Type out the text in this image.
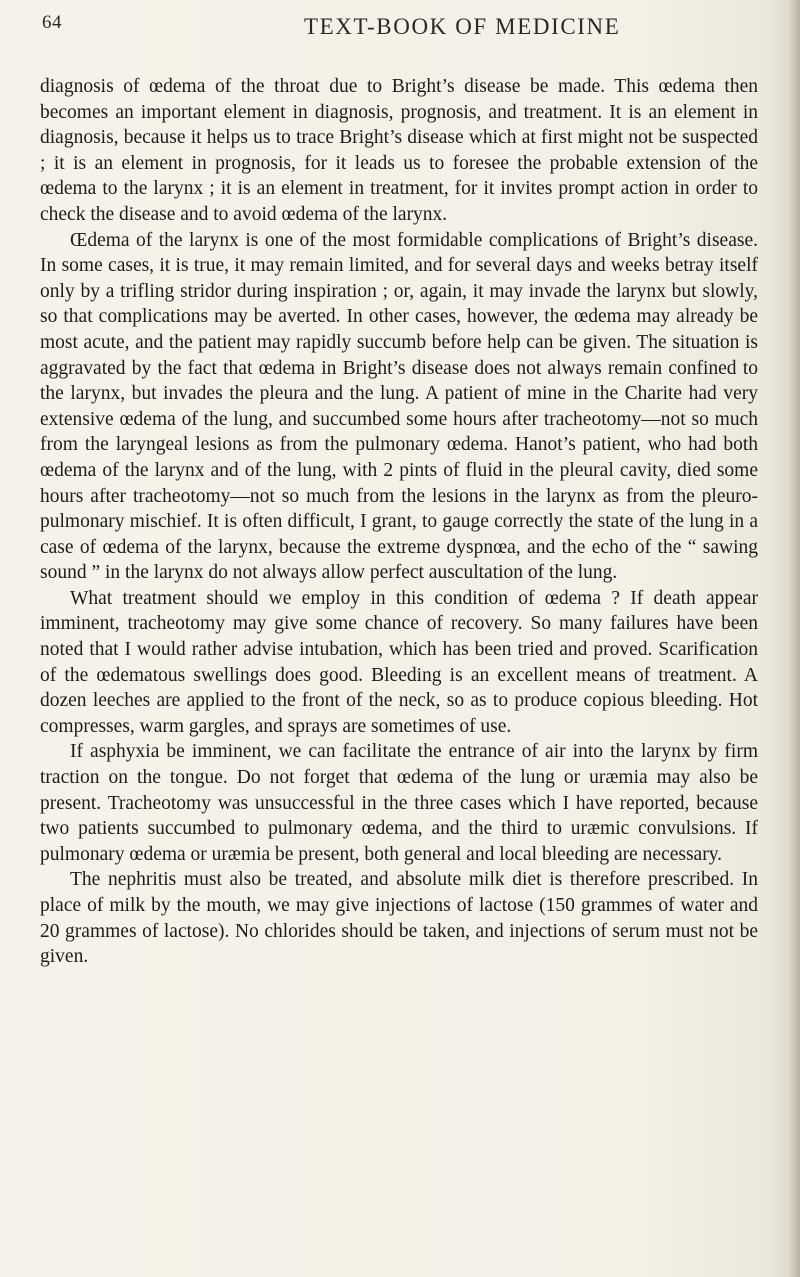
64	TEXT-BOOK OF MEDICINE

diagnosis of œdema of the throat due to Bright’s disease be made. This œdema then becomes an important element in diagnosis, prognosis, and treatment. It is an element in diagnosis, because it helps us to trace Bright’s disease which at first might not be suspected ; it is an element in prognosis, for it leads us to foresee the probable extension of the œdema to the larynx ; it is an element in treatment, for it invites prompt action in order to check the disease and to avoid œdema of the larynx.

Œdema of the larynx is one of the most formidable complications of Bright’s disease. In some cases, it is true, it may remain limited, and for several days and weeks betray itself only by a trifling stridor during inspiration ; or, again, it may invade the larynx but slowly, so that complications may be averted. In other cases, however, the œdema may already be most acute, and the patient may rapidly succumb before help can be given. The situation is aggravated by the fact that œdema in Bright’s disease does not always remain confined to the larynx, but invades the pleura and the lung. A patient of mine in the Charite had very extensive œdema of the lung, and succumbed some hours after tracheotomy—not so much from the laryngeal lesions as from the pulmonary œdema. Hanot’s patient, who had both œdema of the larynx and of the lung, with 2 pints of fluid in the pleural cavity, died some hours after tracheotomy—not so much from the lesions in the larynx as from the pleuro-pulmonary mischief. It is often difficult, I grant, to gauge correctly the state of the lung in a case of œdema of the larynx, because the extreme dyspnœa, and the echo of the “ sawing sound ” in the larynx do not always allow perfect auscultation of the lung.

What treatment should we employ in this condition of œdema ? If death appear imminent, tracheotomy may give some chance of recovery. So many failures have been noted that I would rather advise intubation, which has been tried and proved. Scarification of the œdematous swellings does good. Bleeding is an excellent means of treatment. A dozen leeches are applied to the front of the neck, so as to produce copious bleeding. Hot compresses, warm gargles, and sprays are sometimes of use.

If asphyxia be imminent, we can facilitate the entrance of air into the larynx by firm traction on the tongue. Do not forget that œdema of the lung or uræmia may also be present. Tracheotomy was unsuccessful in the three cases which I have reported, because two patients succumbed to pulmonary œdema, and the third to uræmic convulsions. If pulmonary œdema or uræmia be present, both general and local bleeding are necessary.

The nephritis must also be treated, and absolute milk diet is therefore prescribed. In place of milk by the mouth, we may give injections of lactose (150 grammes of water and 20 grammes of lactose). No chlorides should be taken, and injections of serum must not be given.
